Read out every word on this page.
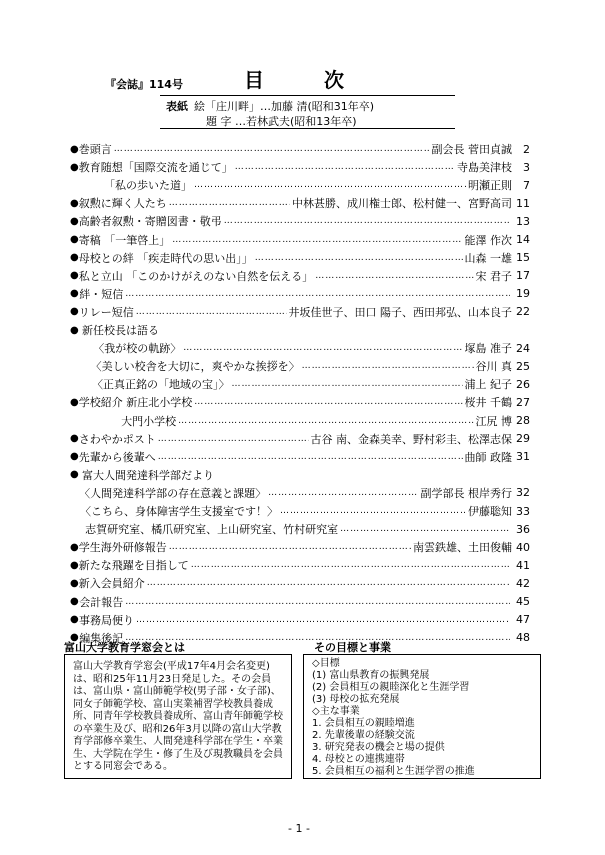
『会誌』114号	目次
表紙 絵「庄川畔」…加藤 清(昭和31年卒)
題 字 …若林武夫(昭和13年卒)
● 巻頭言 ……………………………………………………………………………………………………………………………………	副会長 菅田貞誠	2
● 教育随想「国際交流を通じて」 ……………………………………………………………………………………………………………………………………	寺島美津枝	3
　　　「私の歩いた道」 ……………………………………………………………………………………………………………………………………	明瀬正則	7
● 叙勲に輝く人たち ……………………………………………………………………………………………………………………………………	中林甚勝、成川権士郎、松村健一、宮野高司 11
● 高齢者叙勲・寄贈図書・敬弔 ……………………………………………………………………………………………………………………………………	13
● 寄稿 「一筆啓上」 ……………………………………………………………………………………………………………………………………	能澤 作次 14
● 母校との絆 「疾走時代の思い出」」 ……………………………………………………………………………………………………………………………………	山森 一雄 15
● 私と立山 「このかけがえのない自然を伝える」 ……………………………………………………………………………………………………………………………………	宋 君子 17
● 絆・短信 ……………………………………………………………………………………………………………………………………	19
● リレー短信 ……………………………………………………………………………………………………………………………………	井坂佳世子、田口 陽子、西田邦弘、山本良子 22
● 新任校長は語る
　　〈我が校の軌跡〉 ……………………………………………………………………………………………………………………………………	塚島 准子 24
　　〈美しい校舎を大切に，爽やかな挨拶を〉 ……………………………………………………………………………………………………………………………………	谷川 真 25
　　〈正真正銘の「地域の宝」〉 ……………………………………………………………………………………………………………………………………	浦上 紀子 26
● 学校紹介 新庄北小学校 ……………………………………………………………………………………………………………………………………	桜井 千鶴 27
　　　　大門小学校 ……………………………………………………………………………………………………………………………………	江尻 博 28
● さわやかポスト ……………………………………………………………………………………………………………………………………	古谷 南、金森美幸、野村彩圭、松澤志保 29
● 先輩から後輩へ ……………………………………………………………………………………………………………………………………	曲師 政隆 31
● 富大人間発達科学部だより
　〈人間発達科学部の存在意義と課題〉 ……………………………………………………………………………………………………………………………………	副学部長 根岸秀行 32
　〈こちら、身体障害学生支援室です！〉 ……………………………………………………………………………………………………………………………………	伊藤聡知 33
　志賀研究室、橘爪研究室、上山研究室、竹村研究室 ……………………………………………………………………………………………………………………………………	36
● 学生海外研修報告 ……………………………………………………………………………………………………………………………………	南雲鉄雄、土田俊輔 40
● 新たな飛躍を目指して ……………………………………………………………………………………………………………………………………	41
● 新入会員紹介 ……………………………………………………………………………………………………………………………………	42
● 会計報告 ……………………………………………………………………………………………………………………………………	45
● 事務局便り ……………………………………………………………………………………………………………………………………	47
● 編集後記 ……………………………………………………………………………………………………………………………………	48
富山大学教育学窓会とは
富山大学教育学窓会(平成17年4月会名変更)は、昭和25年11月23日発足した。その会員は、富山県・富山師範学校(男子部・女子部)、同女子師範学校、富山実業補習学校教員養成所、同青年学校教員養成所、富山青年師範学校の卒業生及び、昭和26年3月以降の富山大学教育学部修卒業生、人間発達科学部在学生・卒業生、大学院在学生・修了生及び現教職員を会員とする同窓会である。
その目標と事業
◇目標
(1) 富山県教育の振興発展
(2) 会員相互の親睦深化と生涯学習
(3) 母校の拡充発展
◇主な事業
1. 会員相互の親睦増進
2. 先輩後輩の経験交流
3. 研究発表の機会と場の提供
4. 母校との連携連帯
5. 会員相互の福利と生涯学習の推進
- 1 -
